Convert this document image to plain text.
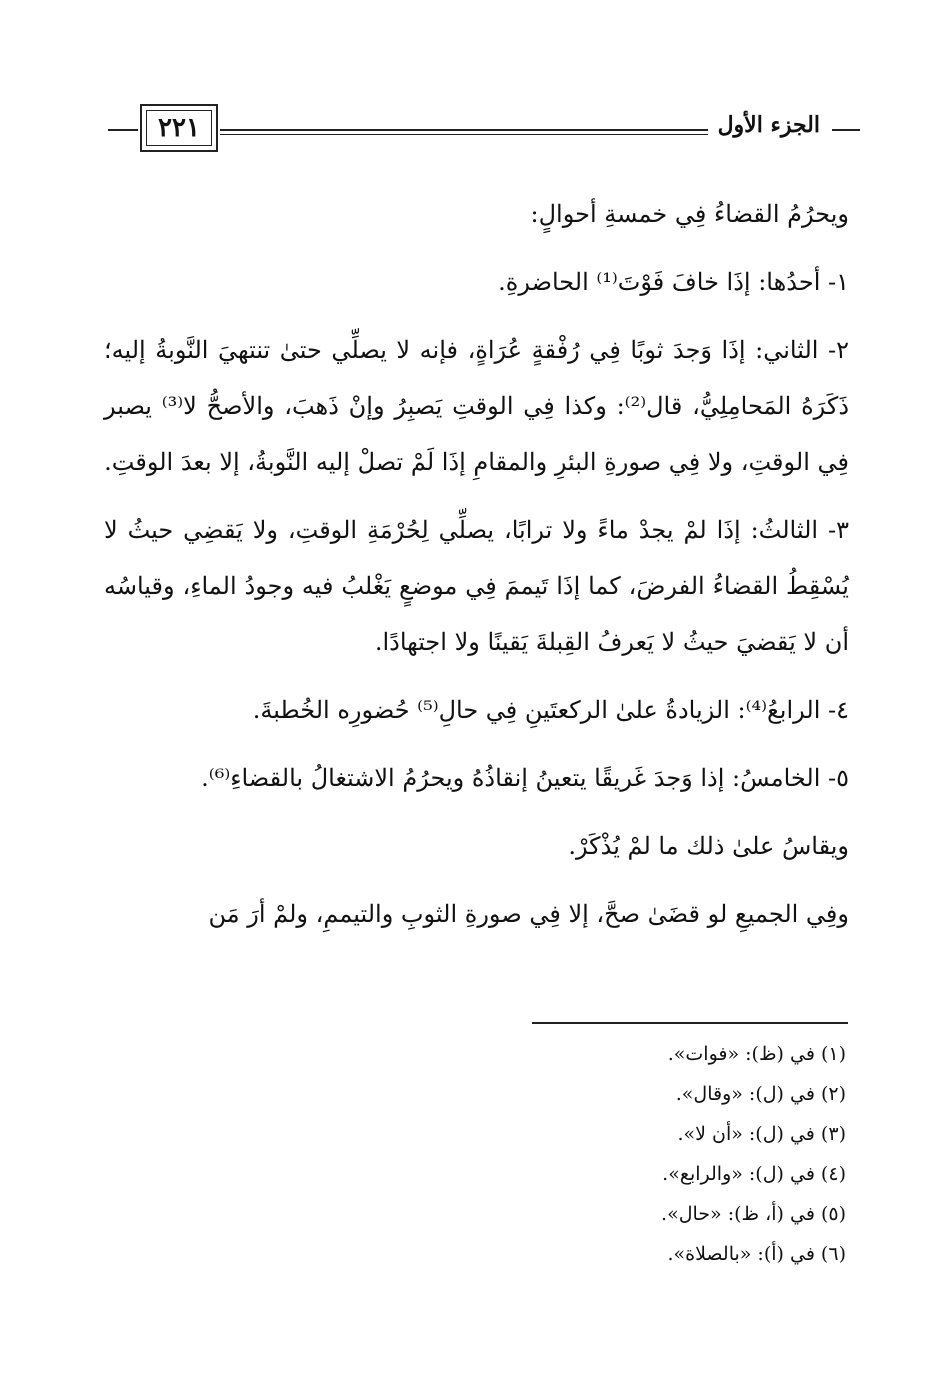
٢٢١	الجزء الأول

ويحرُمُ القضاءُ فِي خمسةِ أحوالٍ:

١- أحدُها: إذَا خافَ فَوْتَ⁽¹⁾ الحاضرةِ.

٢- الثاني: إذَا وَجدَ ثوبًا فِي رُفْقةٍ عُرَاةٍ، فإنه لا يصلِّي حتىٰ تنتهيَ النَّوبةُ إليه؛ ذَكَرَهُ المَحامِلِيُّ، قال⁽²⁾: وكذا فِي الوقتِ يَصبِرُ وإنْ ذَهبَ، والأصحُّ لا⁽³⁾ يصبر فِي الوقتِ، ولا فِي صورةِ البئرِ والمقامِ إذَا لَمْ تصلْ إليه النَّوبةُ، إلا بعدَ الوقتِ.

٣- الثالثُ: إذَا لمْ يجدْ ماءً ولا ترابًا، يصلِّي لِحُرْمَةِ الوقتِ، ولا يَقضِي حيثُ لا يُسْقِطُ القضاءُ الفرضَ، كما إذَا تَيممَ فِي موضعٍ يَغْلبُ فيه وجودُ الماءِ، وقياسُه أن لا يَقضيَ حيثُ لا يَعرفُ القِبلةَ يَقينًا ولا اجتهادًا.

٤- الرابعُ⁽⁴⁾: الزيادةُ علىٰ الركعتَينِ فِي حالِ⁽⁵⁾ حُضورِه الخُطبةَ.

٥- الخامسُ: إذا وَجدَ غَريقًا يتعينُ إنقاذُهُ ويحرُمُ الاشتغالُ بالقضاءِ⁽⁶⁾.

ويقاسُ علىٰ ذلك ما لمْ يُذْكَرْ.

وفِي الجميعِ لو قضَىٰ صحَّ، إلا فِي صورةِ الثوبِ والتيممِ، ولمْ أرَ مَن

(١) في (ظ): «فوات».
(٢) في (ل): «وقال».
(٣) في (ل): «أن لا».
(٤) في (ل): «والرابع».
(٥) في (أ، ظ): «حال».
(٦) في (أ): «بالصلاة».
